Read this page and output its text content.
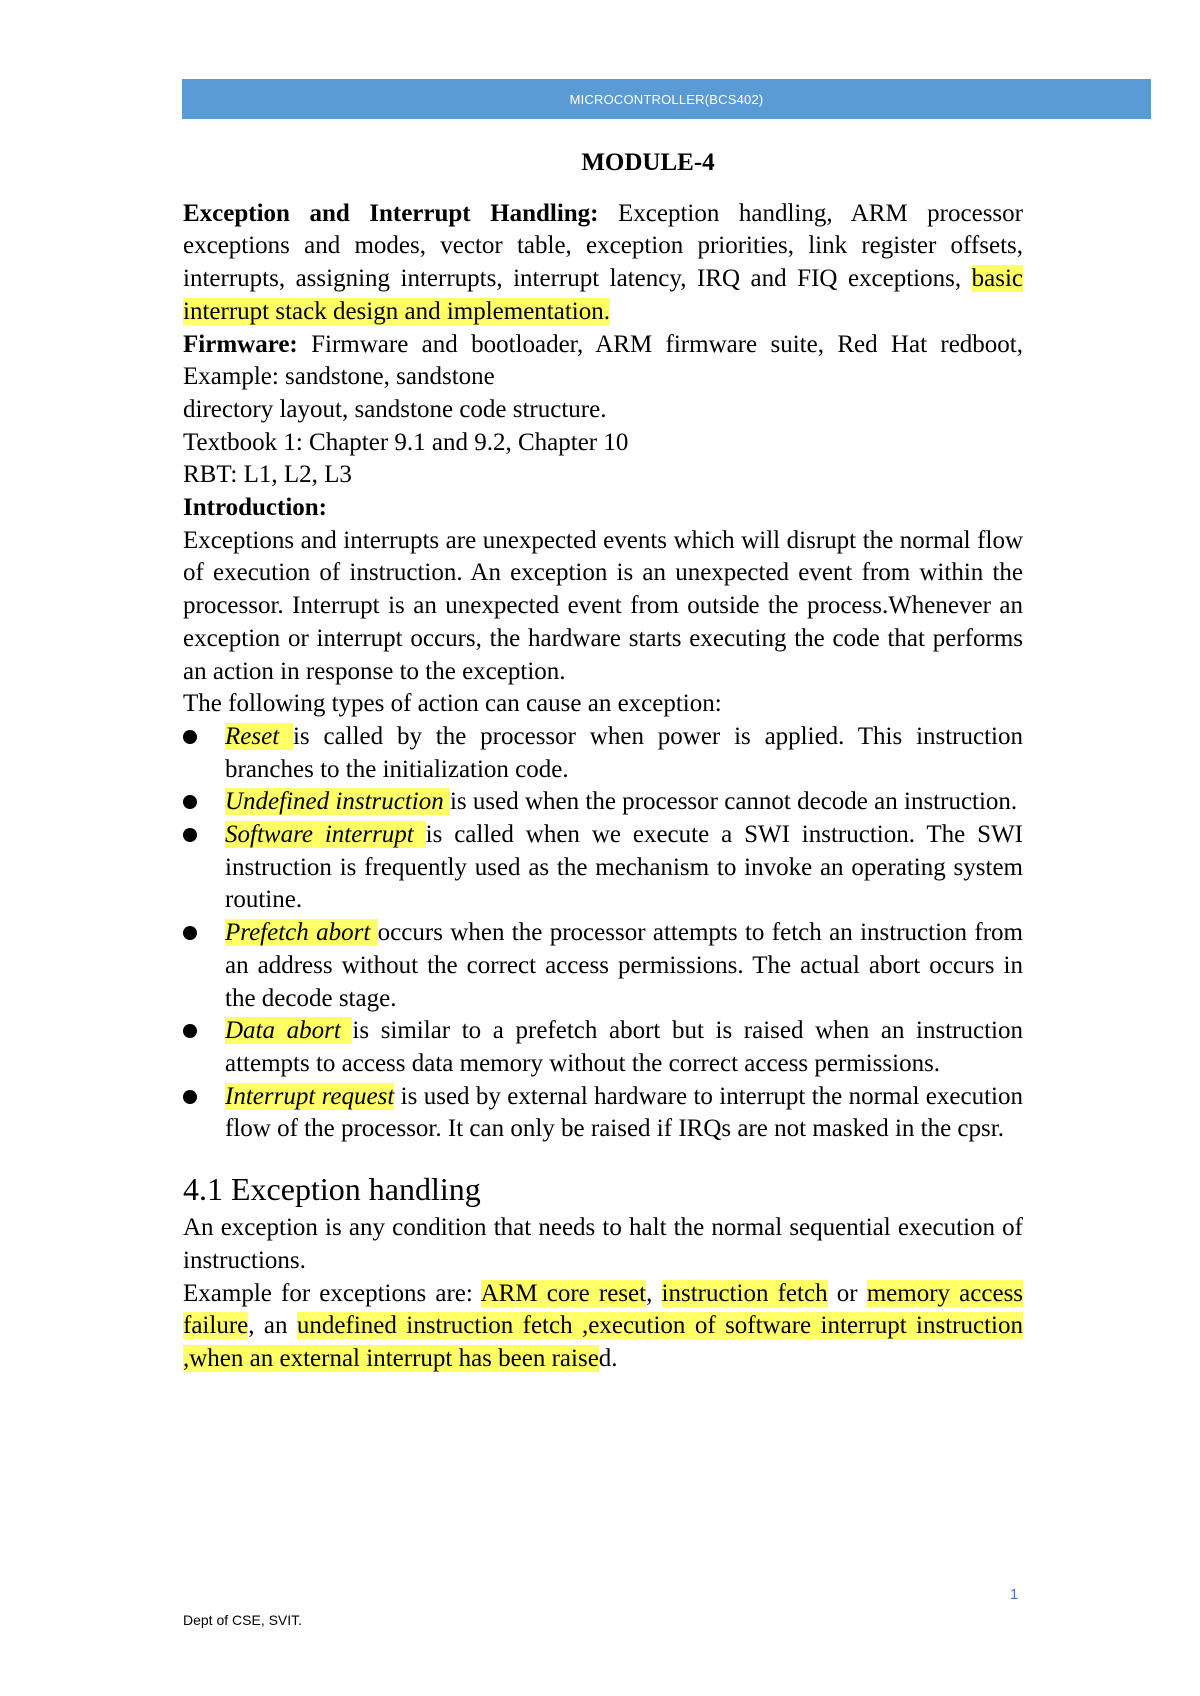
MICROCONTROLLER(BCS402)

MODULE-4

Exception and Interrupt Handling: Exception handling, ARM processor exceptions and modes, vector table, exception priorities, link register offsets, interrupts, assigning interrupts, interrupt latency, IRQ and FIQ exceptions, basic interrupt stack design and implementation.

Firmware: Firmware and bootloader, ARM firmware suite, Red Hat redboot, Example: sandstone, sandstone

directory layout, sandstone code structure.

Textbook 1: Chapter 9.1 and 9.2, Chapter 10

RBT: L1, L2, L3

Introduction:

Exceptions and interrupts are unexpected events which will disrupt the normal flow of execution of instruction. An exception is an unexpected event from within the processor. Interrupt is an unexpected event from outside the process.Whenever an exception or interrupt occurs, the hardware starts executing the code that performs an action in response to the exception.

The following types of action can cause an exception:

Reset is called by the processor when power is applied. This instruction branches to the initialization code.
Undefined instruction is used when the processor cannot decode an instruction.
Software interrupt is called when we execute a SWI instruction. The SWI instruction is frequently used as the mechanism to invoke an operating system routine.
Prefetch abort occurs when the processor attempts to fetch an instruction from an address without the correct access permissions. The actual abort occurs in the decode stage.
Data abort is similar to a prefetch abort but is raised when an instruction attempts to access data memory without the correct access permissions.
Interrupt request is used by external hardware to interrupt the normal execution flow of the processor. It can only be raised if IRQs are not masked in the cpsr.
4.1 Exception handling

An exception is any condition that needs to halt the normal sequential execution of instructions.

Example for exceptions are: ARM core reset, instruction fetch or memory access failure, an undefined instruction fetch ,execution of software interrupt instruction ,when an external interrupt has been raised.

1
Dept of CSE, SVIT.
